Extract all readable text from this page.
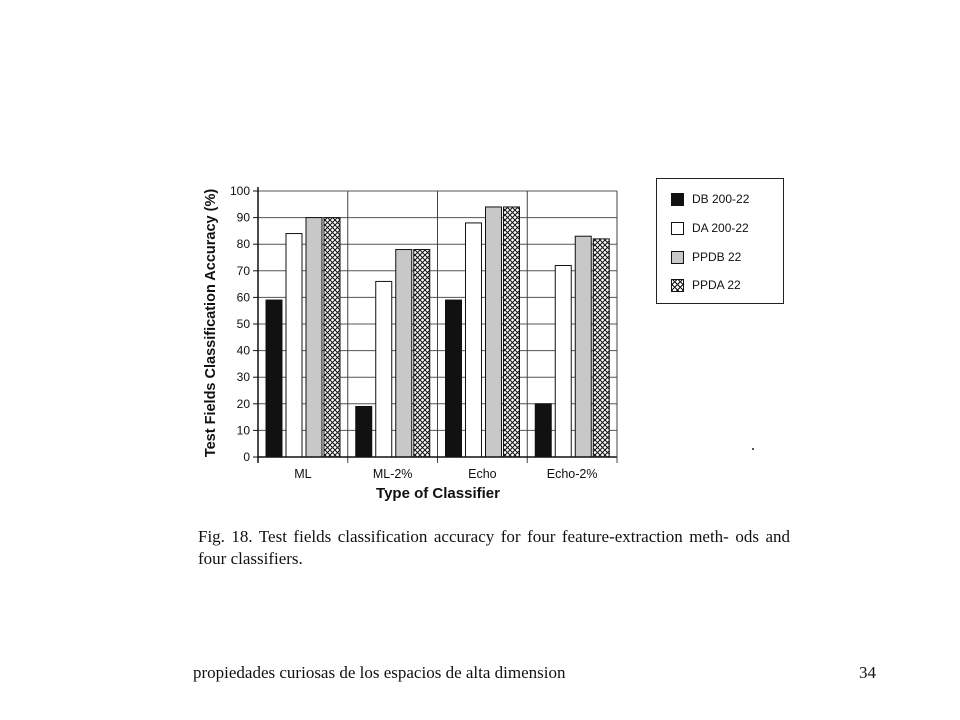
0
10
20
30
40
50
60
70
80
90
100
ML	ML-2%	Echo	Echo-2%
Test Fields Classification Accuracy (%)
Type of Classifier
DB 200-22
DA 200-22
PPDB 22
PPDA 22
Fig. 18. Test fields classification accuracy for four feature-extraction meth- ods and four classifiers.
propiedades curiosas de los espacios de alta dimension	34
